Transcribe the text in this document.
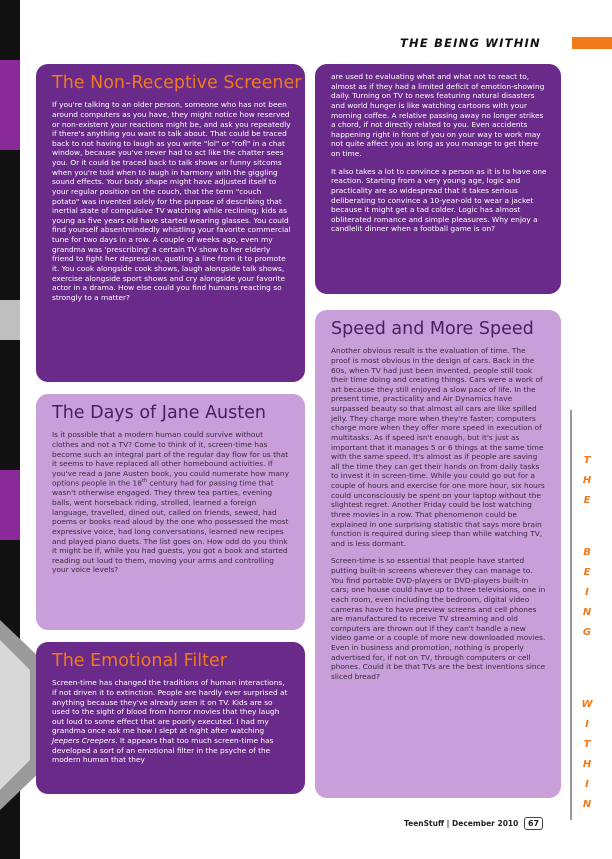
THE BEING WITHIN
The Non-Receptive Screener

If you're talking to an older person, someone who has not been around computers as you have, they might notice how reserved or non-existent your reactions might be, and ask you repeatedly if there's anything you want to talk about. That could be traced back to not having to laugh as you write "lol" or "rofl" in a chat window, because you've never had to act like the chatter sees you. Or it could be traced back to talk shows or funny sitcoms when you're told when to laugh in harmony with the giggling sound effects. Your body shape might have adjusted itself to your regular position on the couch, that the term "couch potato" was invented solely for the purpose of describing that inertial state of compulsive TV watching while reclining; kids as young as five years old have started wearing glasses. You could find yourself absentmindedly whistling your favorite commercial tune for two days in a row. A couple of weeks ago, even my grandma was 'prescribing' a certain TV show to her elderly friend to fight her depression, quoting a line from it to promote it. You cook alongside cook shows, laugh alongside talk shows, exercise alongside sport shows and cry alongside your favorite actor in a drama. How else could you find humans reacting so strongly to a matter?

The Days of Jane Austen

Is it possible that a modern human could survive without clothes and not a TV? Come to think of it, screen-time has become such an integral part of the regular day flow for us that it seems to have replaced all other homebound activities. If you've read a Jane Austen book, you could numerate how many options people in the 18th century had for passing time that wasn't otherwise engaged. They threw tea parties, evening balls, went horseback riding, strolled, learned a foreign language, travelled, dined out, called on friends, sewed, had poems or books read aloud by the one who possessed the most expressive voice, had long conversations, learned new recipes and played piano duets. The list goes on. How odd do you think it might be if, while you had guests, you got a book and started reading out loud to them, moving your arms and controlling your voice levels?

The Emotional Filter

Screen-time has changed the traditions of human interactions, if not driven it to extinction. People are hardly ever surprised at anything because they've already seen it on TV. Kids are so used to the sight of blood from horror movies that they laugh out loud to some effect that are poorly executed. I had my grandma once ask me how I slept at night after watching Jeepers Creepers. It appears that too much screen-time has developed a sort of an emotional filter in the psyche of the modern human that they

are used to evaluating what and what not to react to, almost as if they had a limited deficit of emotion-showing daily. Turning on TV to news featuring natural disasters and world hunger is like watching cartoons with your morning coffee. A relative passing away no longer strikes a chord, if not directly related to you. Even accidents happening right in front of you on your way to work may not quite affect you as long as you manage to get there on time.

It also takes a lot to convince a person as it is to have one reaction. Starting from a very young age, logic and practicality are so widespread that it takes serious deliberating to convince a 10-year-old to wear a jacket because it might get a tad colder. Logic has almost obliterated romance and simple pleasures. Why enjoy a candlelit dinner when a football game is on?

Speed and More Speed

Another obvious result is the evaluation of time. The proof is most obvious in the design of cars. Back in the 60s, when TV had just been invented, people still took their time doing and creating things. Cars were a work of art because they still enjoyed a slow pace of life. In the present time, practicality and Air Dynamics have surpassed beauty so that almost all cars are like spilled jelly. They charge more when they're faster; computers charge more when they offer more speed in execution of multitasks. As if speed isn't enough, but it's just as important that it manages 5 or 6 things at the same time with the same speed. It's almost as if people are saving all the time they can get their hands on from daily tasks to invest it in screen-time. While you could go out for a couple of hours and exercise for one more hour, six hours could unconsciously be spent on your laptop without the slightest regret. Another Friday could be lost watching three movies in a row. That phenomenon could be explained in one surprising statistic that says more brain function is required during sleep than while watching TV, and is less dormant.

Screen-time is so essential that people have started putting built-in screens wherever they can manage to. You find portable DVD-players or DVD-players built-in cars; one house could have up to three televisions, one in each room, even including the bedroom, digital video cameras have to have preview screens and cell phones are manufactured to receive TV streaming and old computers are thrown out if they can't handle a new video game or a couple of more new downloaded movies. Even in business and promotion, nothing is properly advertised for, if not on TV, through computers or cell phones. Could it be that TVs are the best inventions since sliced bread?

T
H
E
B
E
I
N
G
W
I
T
H
I
N
TeenStuff | December 2010 67
